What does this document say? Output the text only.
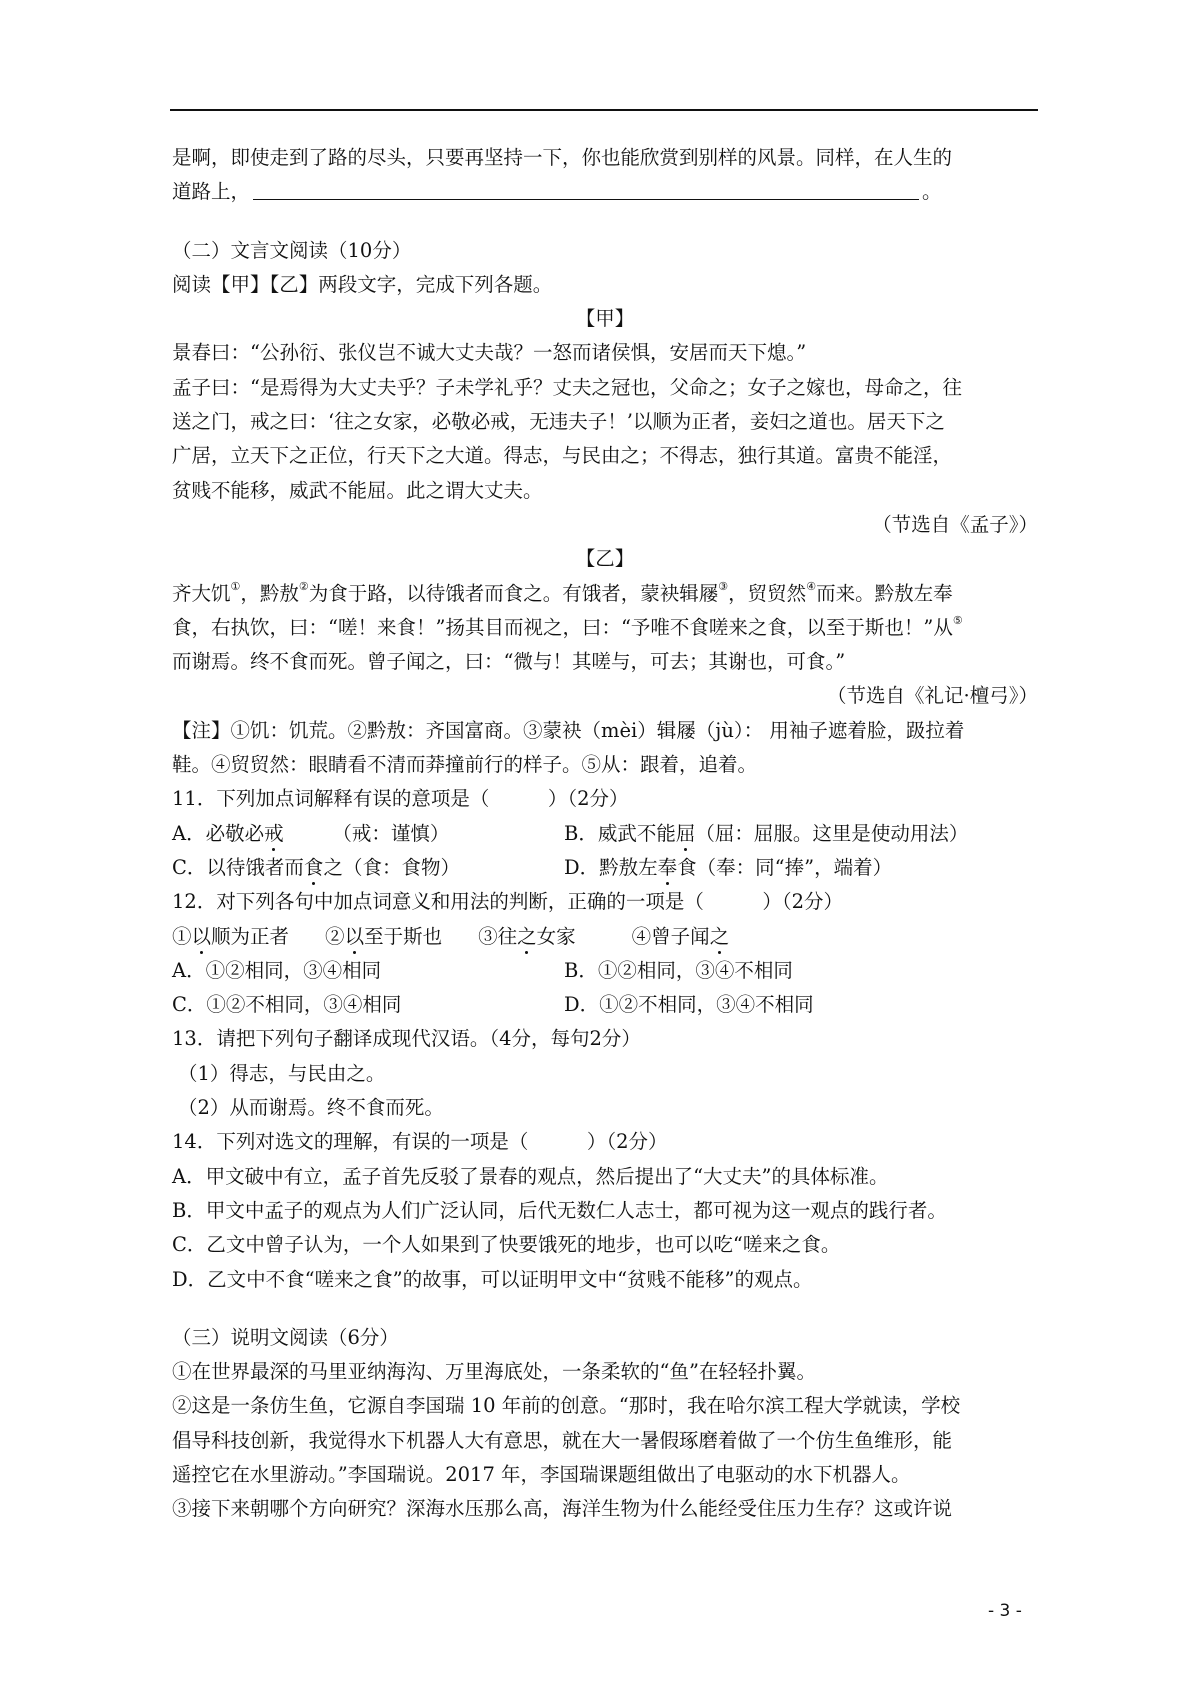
是啊，即使走到了路的尽头，只要再坚持一下，你也能欣赏到别样的风景。同样，在人生的
道路上，	。
（二）文言文阅读（10分）
阅读【甲】【乙】两段文字，完成下列各题。
【甲】
景春曰：“公孙衍、张仪岂不诚大丈夫哉？一怒而诸侯惧，安居而天下熄。”
孟子曰：“是焉得为大丈夫乎？子未学礼乎？丈夫之冠也，父命之；女子之嫁也，母命之，往
送之门，戒之曰：‘往之女家，必敬必戒，无违夫子！’以顺为正者，妾妇之道也。居天下之
广居，立天下之正位，行天下之大道。得志，与民由之；不得志，独行其道。富贵不能淫，
贫贱不能移，威武不能屈。此之谓大丈夫。
（节选自《孟子》）
【乙】
齐大饥①，黔敖②为食于路，以待饿者而食之。有饿者，蒙袂辑屦③，贸贸然④而来。黔敖左奉
食，右执饮，曰：“嗟！来食！”扬其目而视之，曰：“予唯不食嗟来之食，以至于斯也！”从⑤
而谢焉。终不食而死。曾子闻之，曰：“微与！其嗟与，可去；其谢也，可食。”
（节选自《礼记·檀弓》）
【注】①饥：饥荒。②黔敖：齐国富商。③蒙袂（mèi）辑屦（jù）： 用袖子遮着脸，趿拉着
鞋。④贸贸然：眼睛看不清而莽撞前行的样子。⑤从：跟着，追着。
11．下列加点词解释有误的意项是（　　　）（2分）
A．必敬必戒　　　（戒：谨慎）	B．威武不能屈（屈：屈服。这里是使动用法）
C．以待饿者而食之（食：食物）	D．黔敖左奉食（奉：同“捧”，端着）
12．对下列各句中加点词意义和用法的判断，正确的一项是（　　　）（2分）
①以顺为正者 ②以至于斯也 ③往之女家	④曾子闻之
A．①②相同，③④相同	B．①②相同，③④不相同
C．①②不相同，③④相同	D．①②不相同，③④不相同
13．请把下列句子翻译成现代汉语。（4分，每句2分）
（1）得志，与民由之。
（2）从而谢焉。终不食而死。
14．下列对选文的理解，有误的一项是（　　　）（2分）
A．甲文破中有立，孟子首先反驳了景春的观点，然后提出了“大丈夫”的具体标准。
B．甲文中孟子的观点为人们广泛认同，后代无数仁人志士，都可视为这一观点的践行者。
C．乙文中曾子认为，一个人如果到了快要饿死的地步，也可以吃“嗟来之食。
D．乙文中不食“嗟来之食”的故事，可以证明甲文中“贫贱不能移”的观点。
（三）说明文阅读（6分）
①在世界最深的马里亚纳海沟、万里海底处，一条柔软的“鱼”在轻轻扑翼。
②这是一条仿生鱼，它源自李国瑞 10 年前的创意。“那时，我在哈尔滨工程大学就读，学校
倡导科技创新，我觉得水下机器人大有意思，就在大一暑假琢磨着做了一个仿生鱼维形，能
遥控它在水里游动。”李国瑞说。2017 年，李国瑞课题组做出了电驱动的水下机器人。
③接下来朝哪个方向研究？深海水压那么高，海洋生物为什么能经受住压力生存？这或许说
- 3 -
